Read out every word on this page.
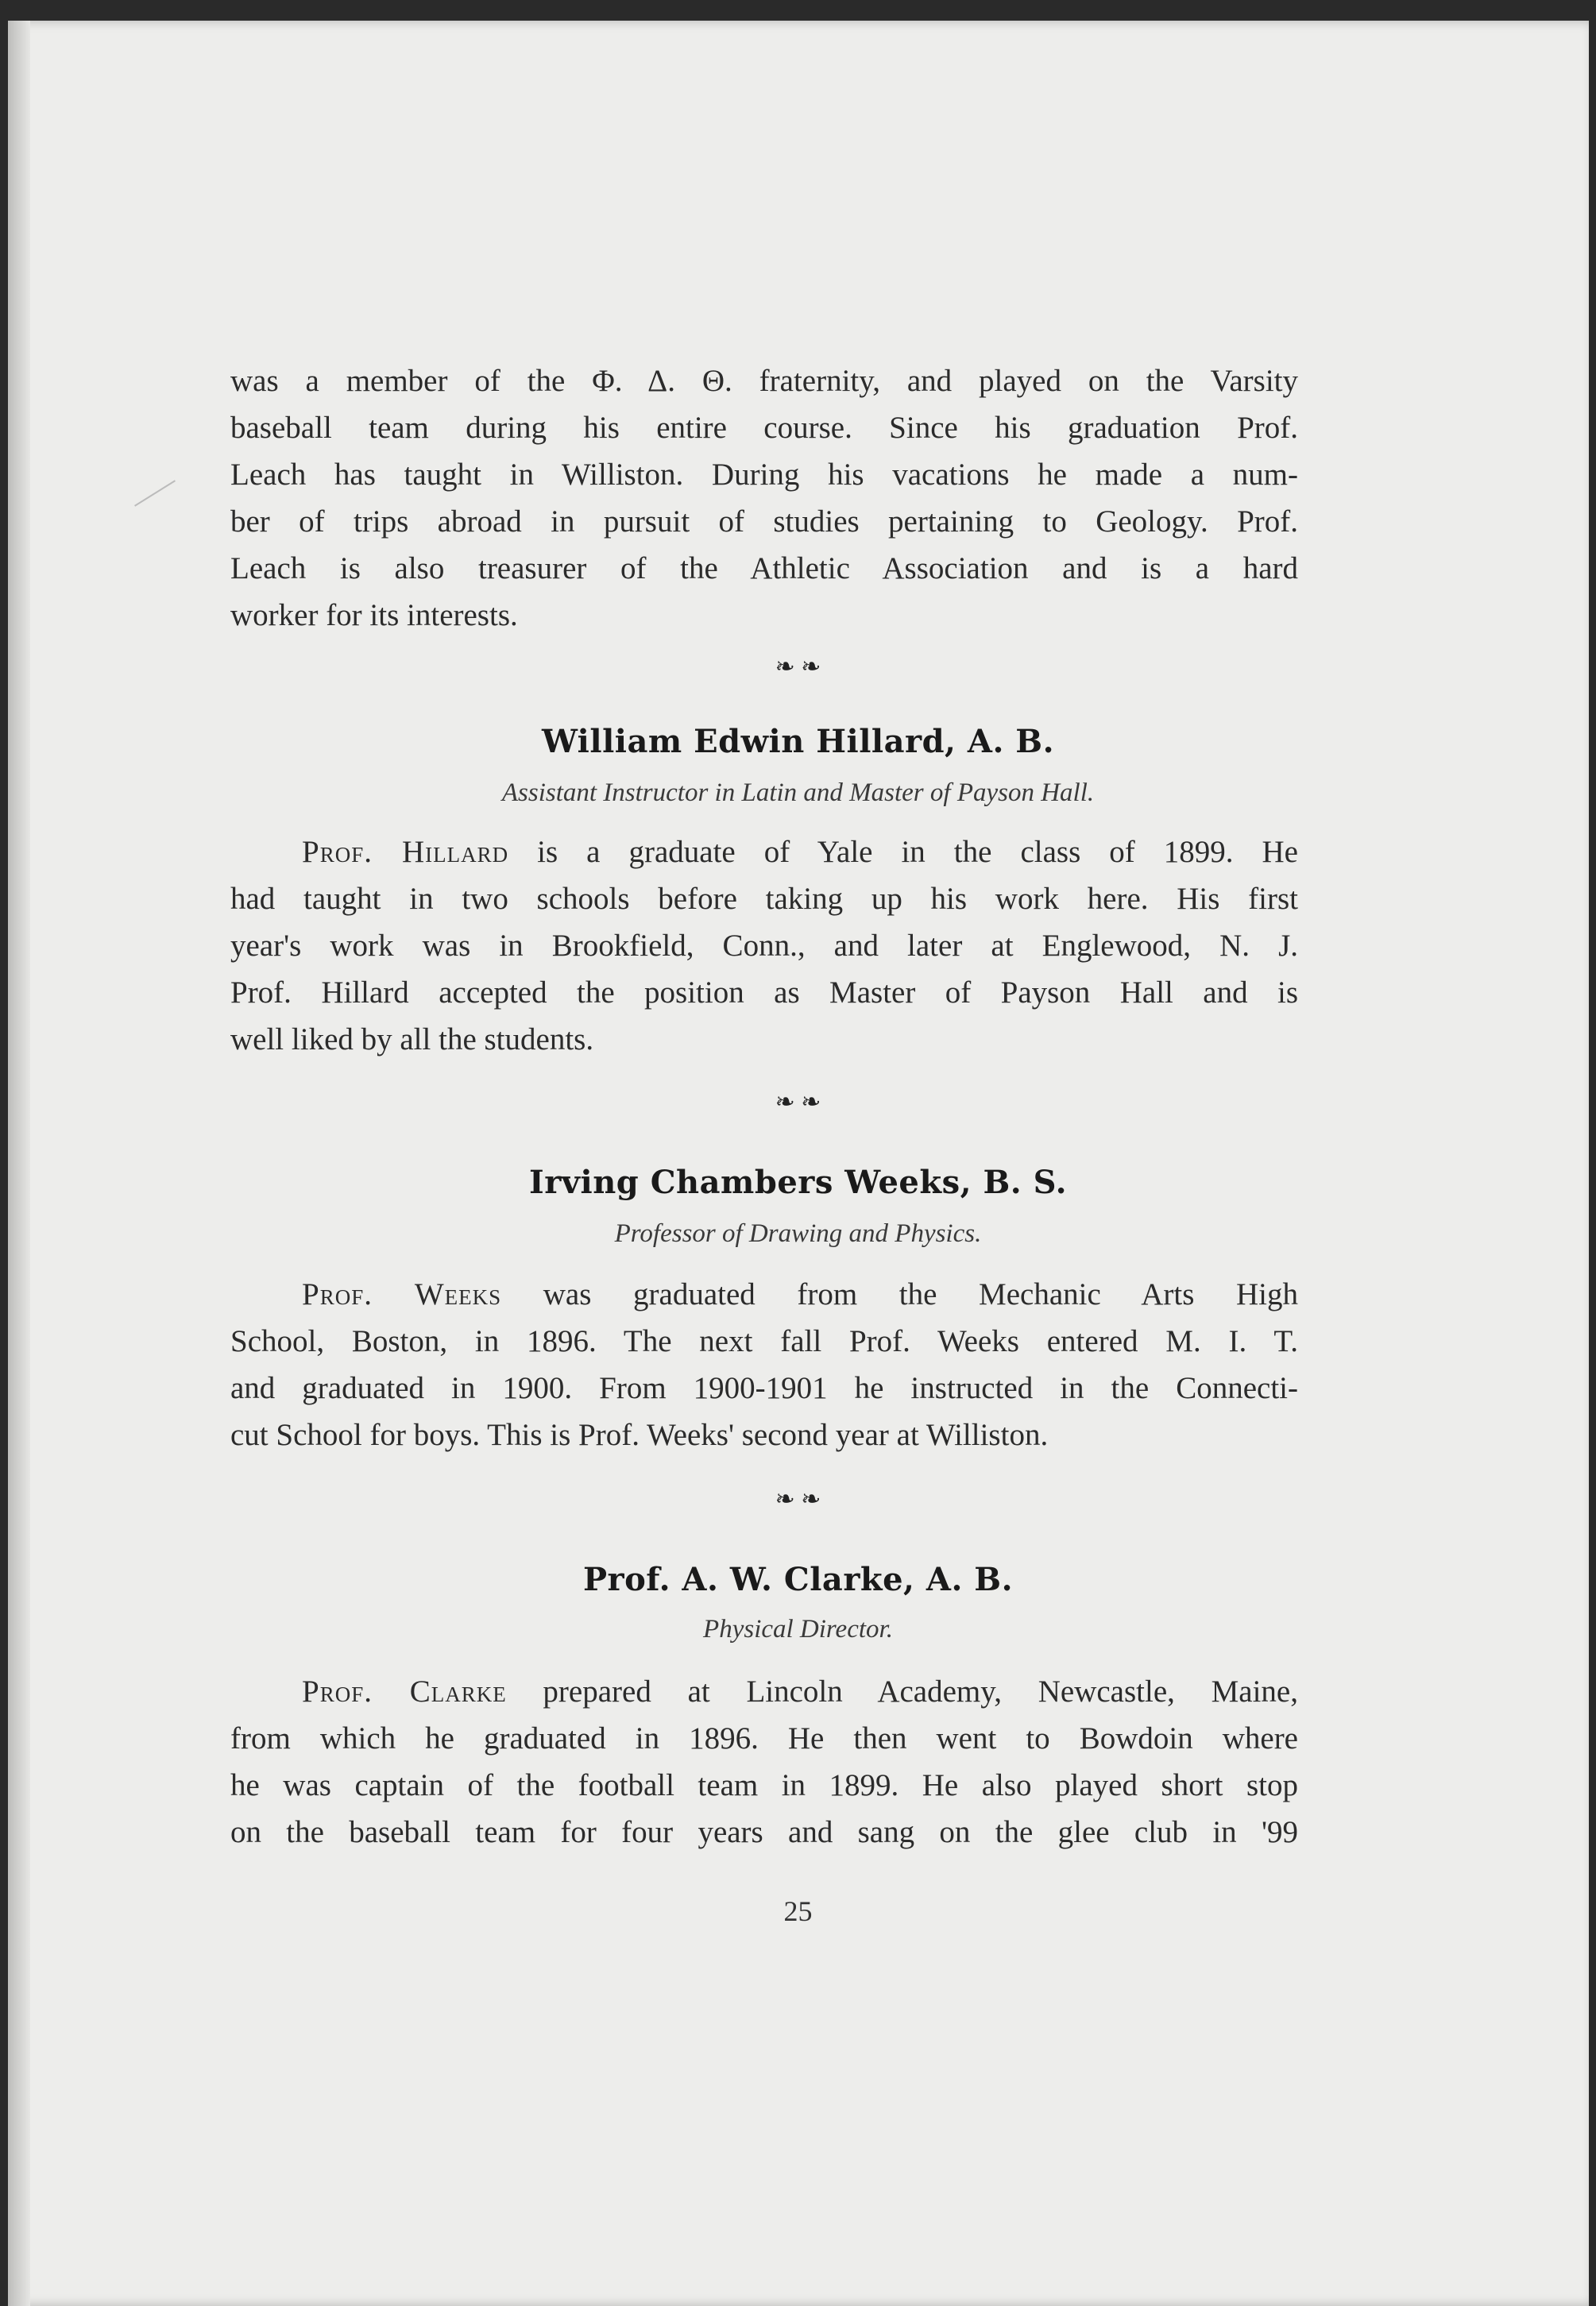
was a member of the Φ. Δ. Θ. fraternity, and played on the Varsity
baseball team during his entire course. Since his graduation Prof.
Leach has taught in Williston. During his vacations he made a num-
ber of trips abroad in pursuit of studies pertaining to Geology. Prof.
Leach is also treasurer of the Athletic Association and is a hard
worker for its interests.
❧ ❧
William Edwin Hillard, A. B.
Assistant Instructor in Latin and Master of Payson Hall.
Prof. Hillard is a graduate of Yale in the class of 1899. He
had taught in two schools before taking up his work here. His first
year's work was in Brookfield, Conn., and later at Englewood, N. J.
Prof. Hillard accepted the position as Master of Payson Hall and is
well liked by all the students.
❧ ❧
Irving Chambers Weeks, B. S.
Professor of Drawing and Physics.
Prof. Weeks was graduated from the Mechanic Arts High
School, Boston, in 1896. The next fall Prof. Weeks entered M. I. T.
and graduated in 1900. From 1900-1901 he instructed in the Connecti-
cut School for boys. This is Prof. Weeks' second year at Williston.
❧ ❧
Prof. A. W. Clarke, A. B.
Physical Director.
Prof. Clarke prepared at Lincoln Academy, Newcastle, Maine,
from which he graduated in 1896. He then went to Bowdoin where
he was captain of the football team in 1899. He also played short stop
on the baseball team for four years and sang on the glee club in '99
25
